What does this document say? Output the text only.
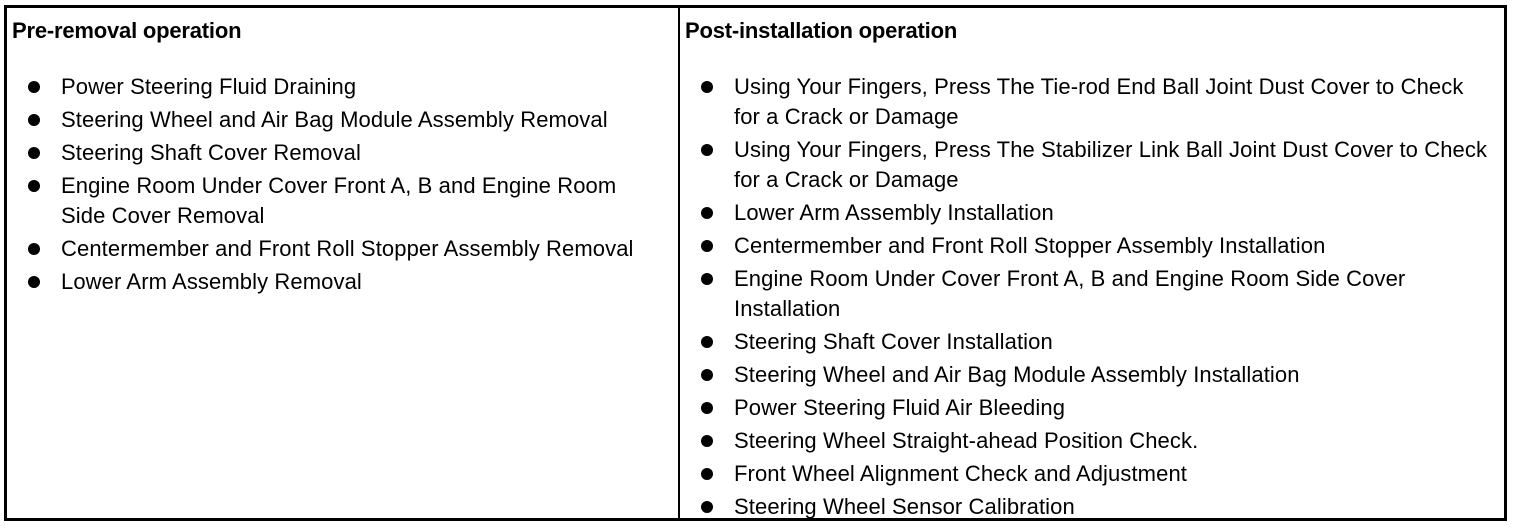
Pre-removal operation
Power Steering Fluid Draining
Steering Wheel and Air Bag Module Assembly Removal
Steering Shaft Cover Removal
Engine Room Under Cover Front A, B and Engine Room Side Cover Removal
Centermember and Front Roll Stopper Assembly Removal
Lower Arm Assembly Removal
Post-installation operation
Using Your Fingers, Press The Tie-rod End Ball Joint Dust Cover to Check for a Crack or Damage
Using Your Fingers, Press The Stabilizer Link Ball Joint Dust Cover to Check for a Crack or Damage
Lower Arm Assembly Installation
Centermember and Front Roll Stopper Assembly Installation
Engine Room Under Cover Front A, B and Engine Room Side Cover Installation
Steering Shaft Cover Installation
Steering Wheel and Air Bag Module Assembly Installation
Power Steering Fluid Air Bleeding
Steering Wheel Straight-ahead Position Check.
Front Wheel Alignment Check and Adjustment
Steering Wheel Sensor Calibration
